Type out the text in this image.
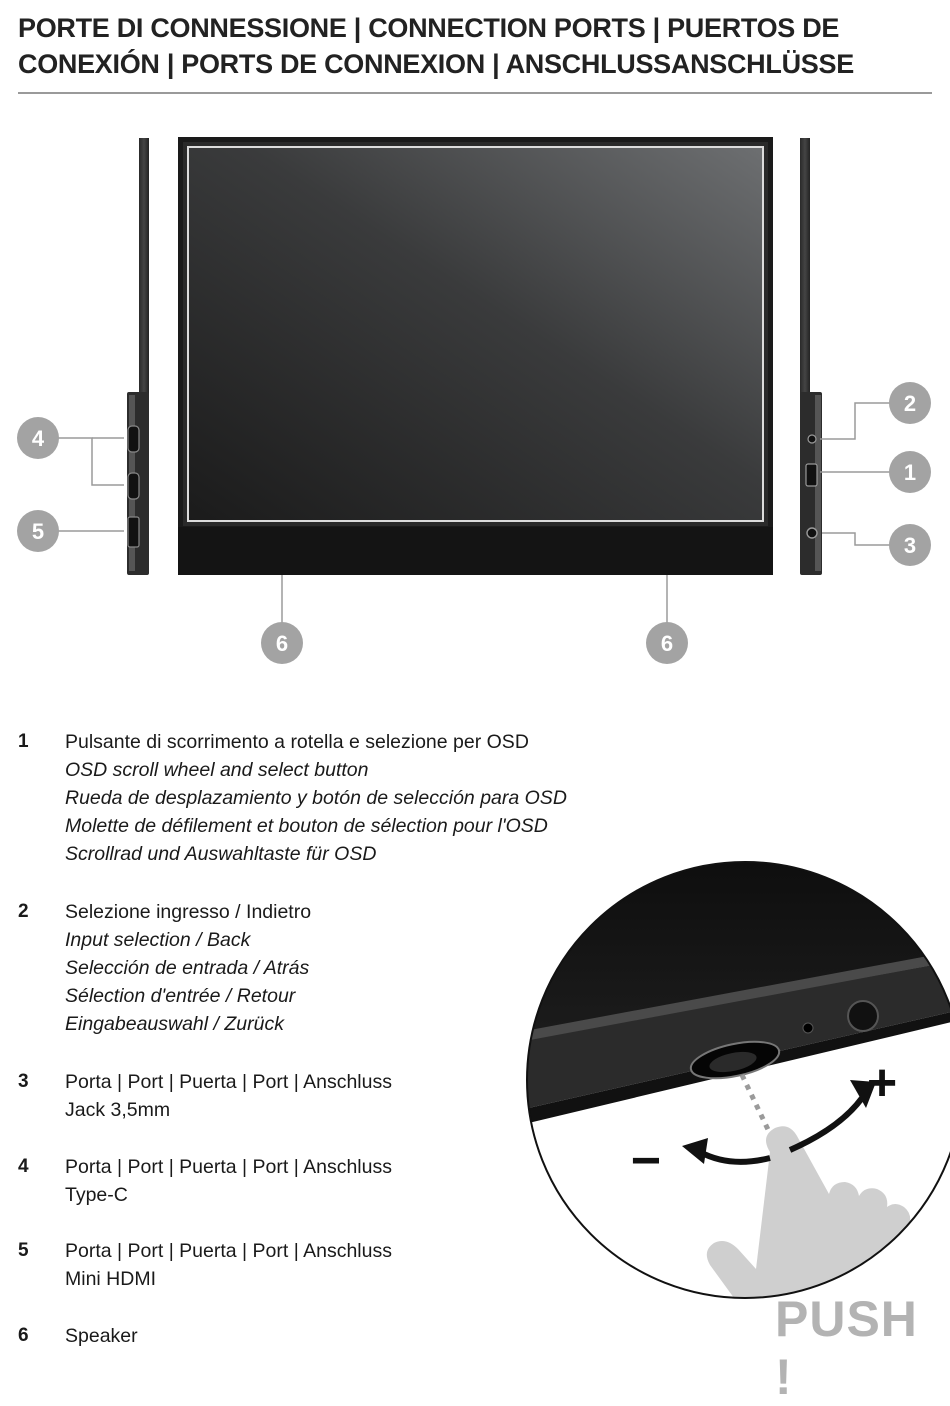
PORTE DI CONNESSIONE | CONNECTION PORTS | PUERTOS DE
CONEXIÓN | PORTS DE CONNEXION | ANSCHLUSSANSCHLÜSSE
4
5
2
1
3
6	6
1 Pulsante di scorrimento a rotella e selezione per OSD
OSD scroll wheel and select button
Rueda de desplazamiento y botón de selección para OSD
Molette de défilement et bouton de sélection pour l'OSD
Scrollrad und Auswahltaste für OSD
2 Selezione ingresso / Indietro
Input selection / Back
Selección de entrada / Atrás
Sélection d'entrée / Retour
Eingabeauswahl / Zurück
3 Porta | Port | Puerta | Port | Anschluss
Jack 3,5mm
4 Porta | Port | Puerta | Port | Anschluss
Type-C
5 Porta | Port | Puerta | Port | Anschluss
Mini HDMI
6 Speaker
+
−
PUSH !
